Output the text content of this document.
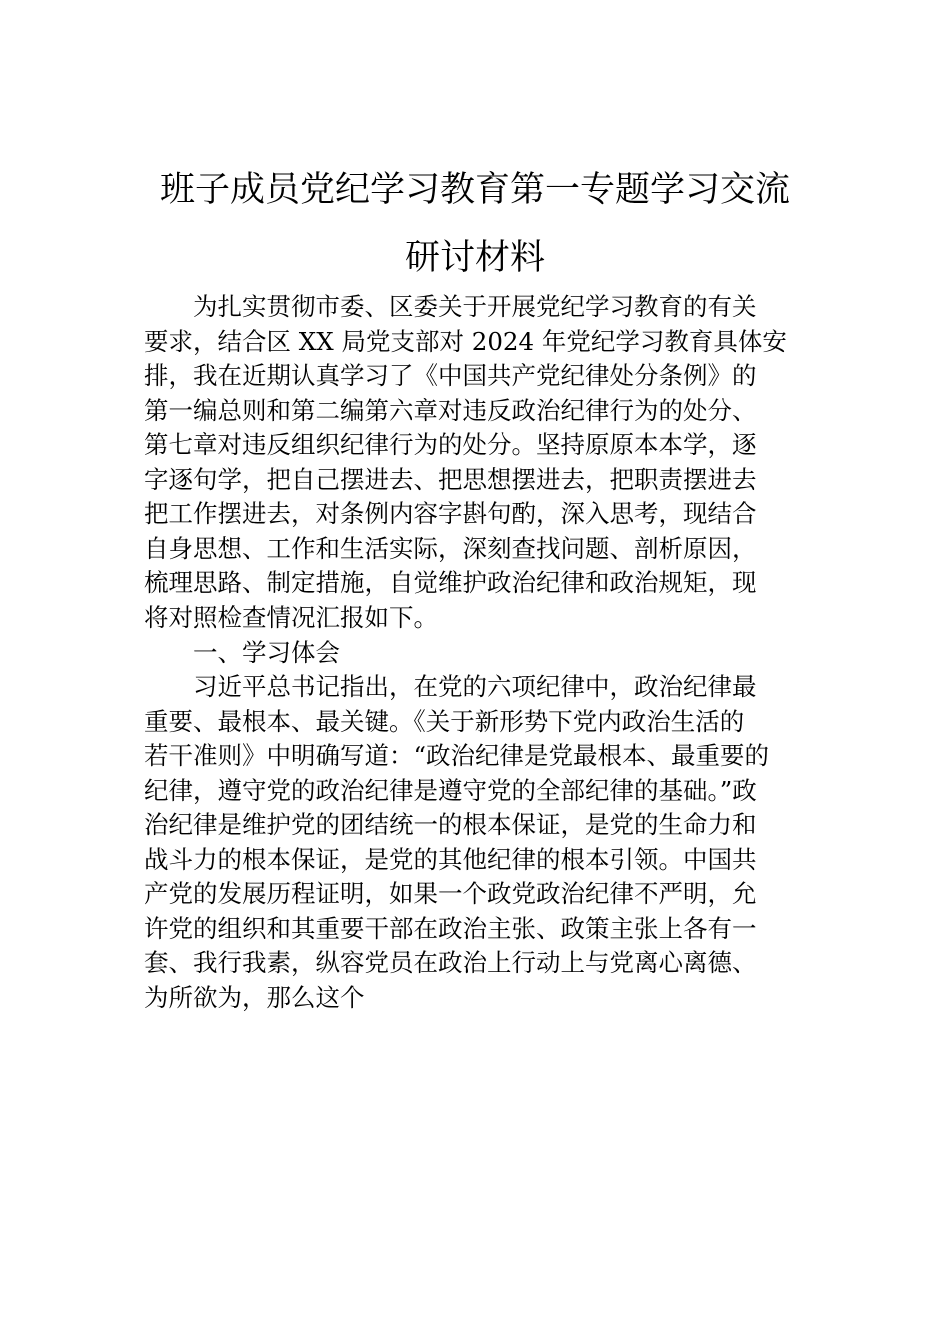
班子成员党纪学习教育第一专题学习交流
研讨材料
　　为扎实贯彻市委、区委关于开展党纪学习教育的有关
要求，结合区 XX 局党支部对 2024 年党纪学习教育具体安
排，我在近期认真学习了《中国共产党纪律处分条例》的
第一编总则和第二编第六章对违反政治纪律行为的处分、
第七章对违反组织纪律行为的处分。坚持原原本本学，逐
字逐句学，把自己摆进去、把思想摆进去，把职责摆进去
把工作摆进去，对条例内容字斟句酌，深入思考，现结合
自身思想、工作和生活实际，深刻查找问题、剖析原因，
梳理思路、制定措施，自觉维护政治纪律和政治规矩，现
将对照检查情况汇报如下。
　　一、学习体会
　　习近平总书记指出，在党的六项纪律中，政治纪律最
重要、最根本、最关键。《关于新形势下党内政治生活的
若干准则》中明确写道：“政治纪律是党最根本、最重要的
纪律，遵守党的政治纪律是遵守党的全部纪律的基础。”政
治纪律是维护党的团结统一的根本保证，是党的生命力和
战斗力的根本保证，是党的其他纪律的根本引领。中国共
产党的发展历程证明，如果一个政党政治纪律不严明，允
许党的组织和其重要干部在政治主张、政策主张上各有一
套、我行我素，纵容党员在政治上行动上与党离心离德、
为所欲为，那么这个
